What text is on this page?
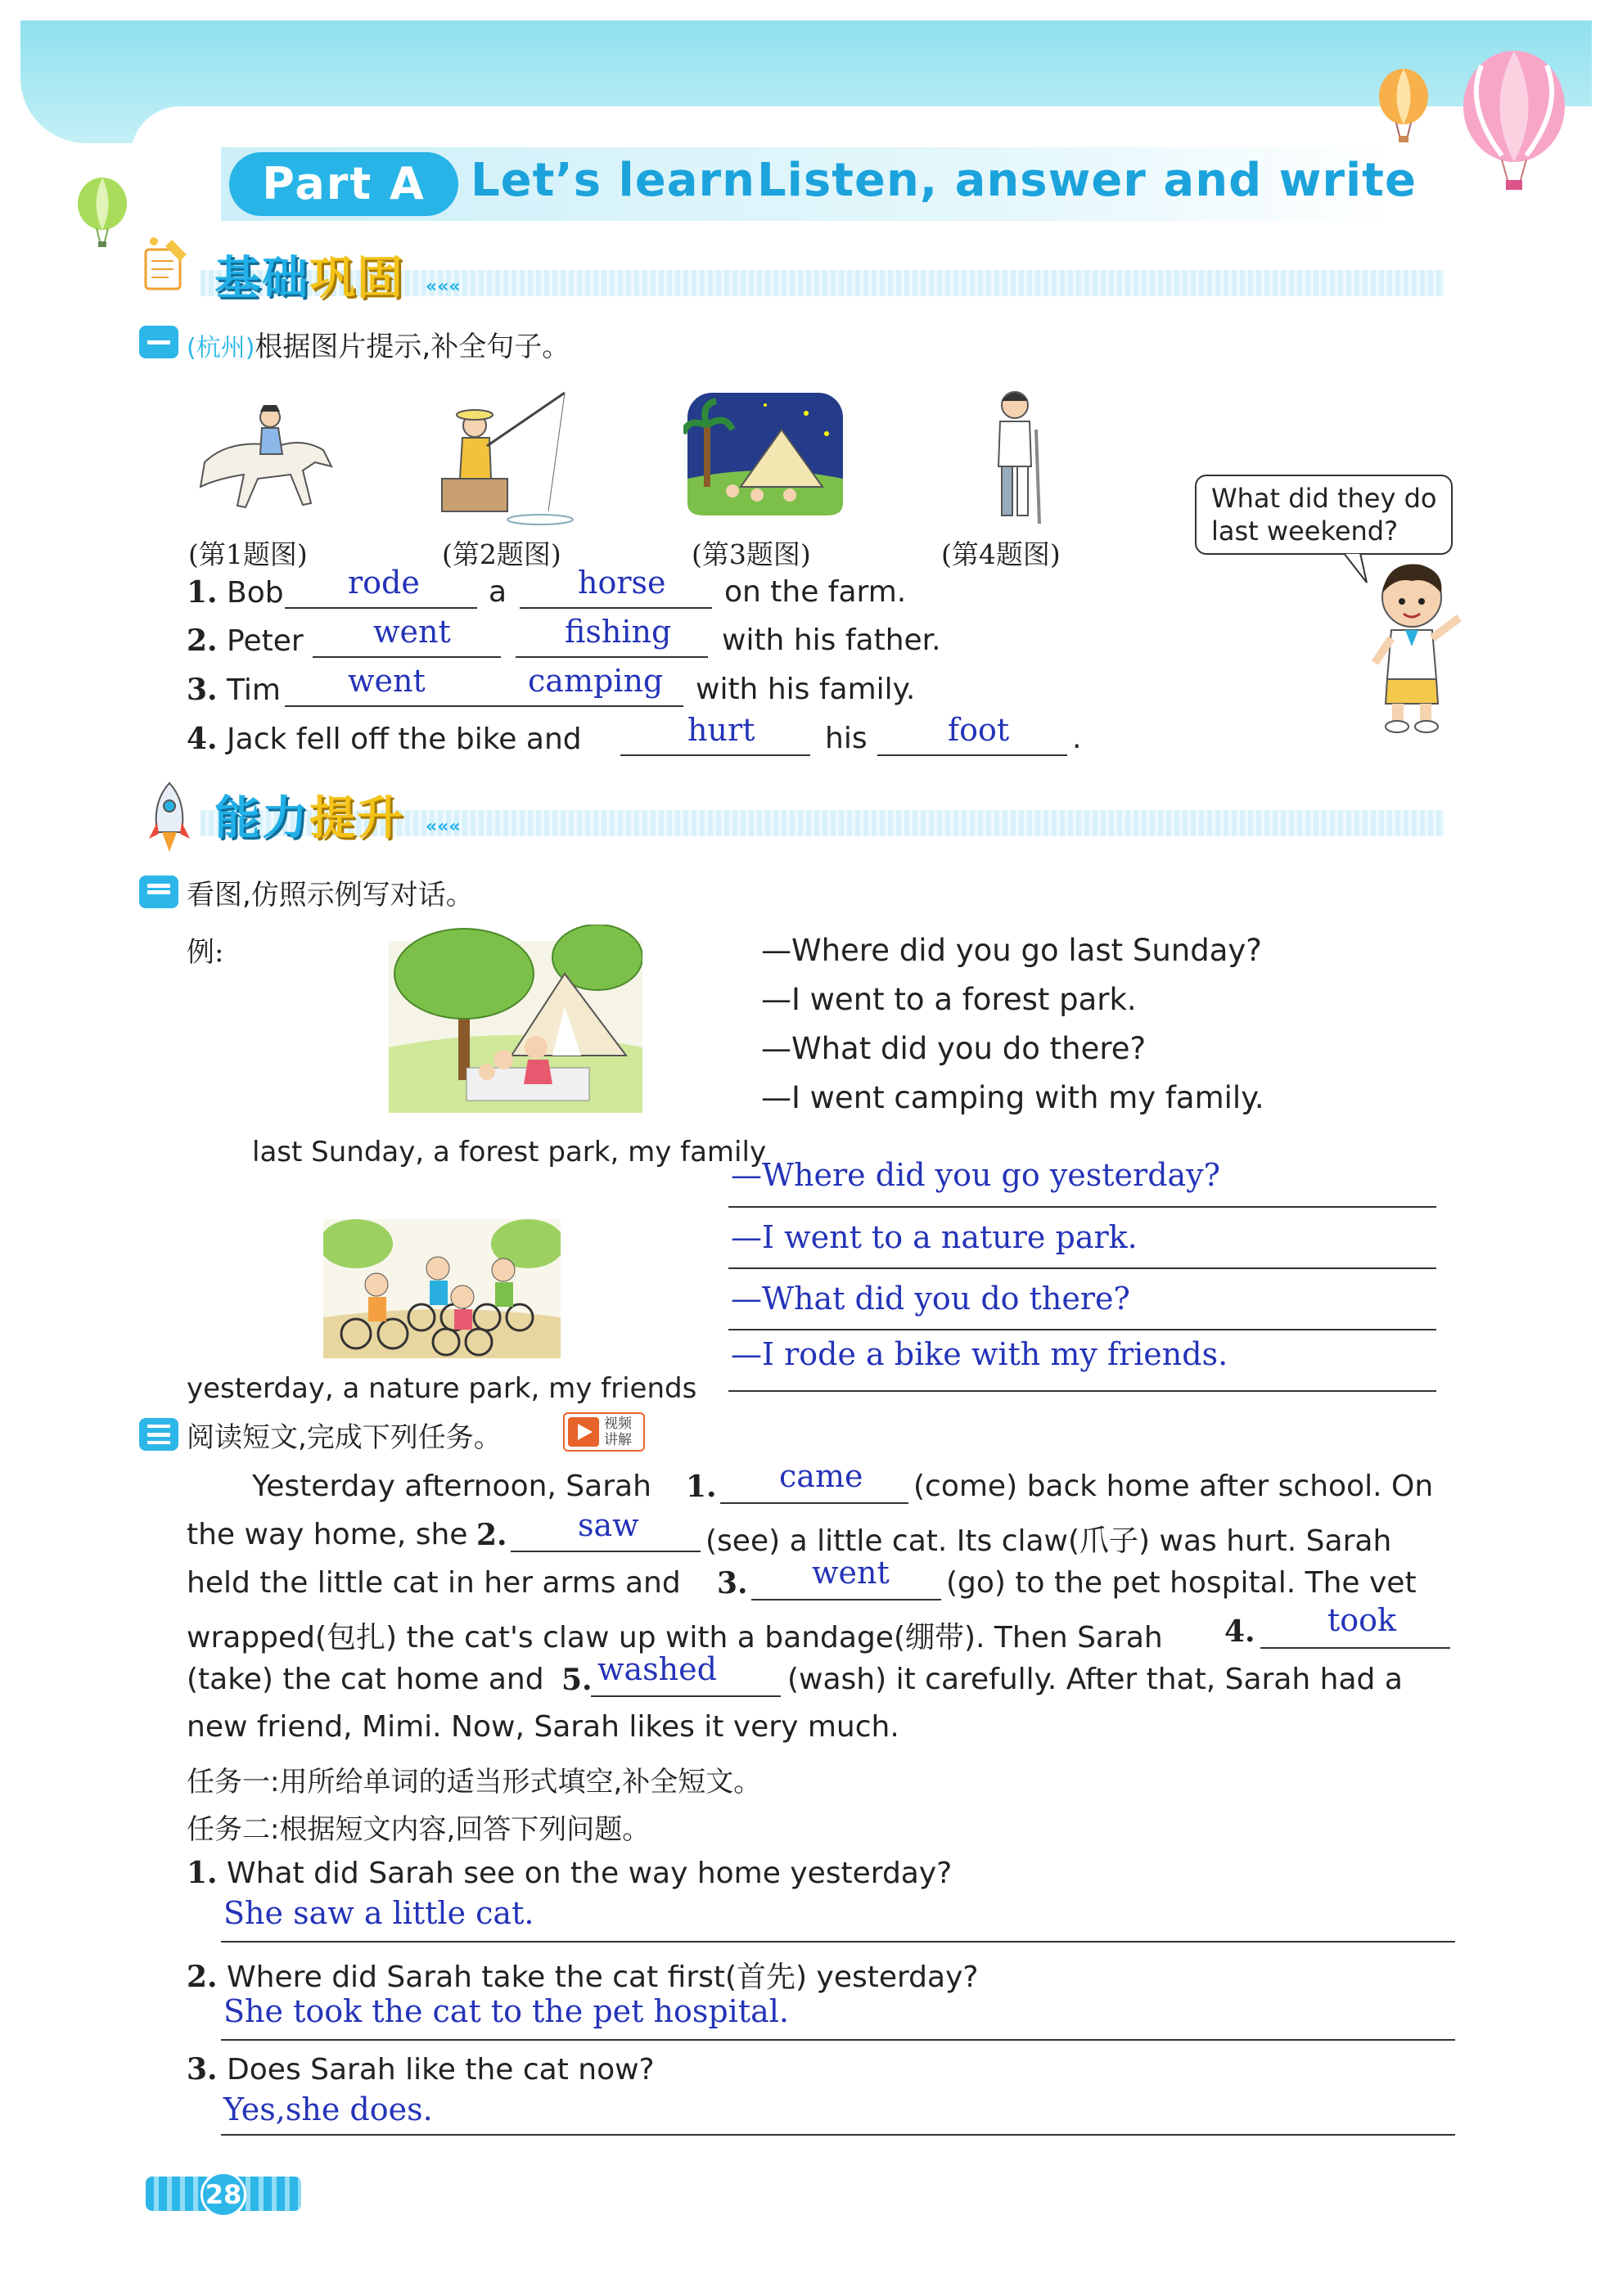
Part A Let’s learn Listen, answer and write
基础巩固 «««
(杭州)根据图片提示,补全句子。
(第1题图)	(第2题图)	(第3题图)	(第4题图)
What did they do
last weekend?
1. Bob rode a horse on the farm.
2. Peter went	fishing with his father.
3. Tim went	camping with his family.
4. Jack fell off the bike and	hurt his	foot .
能力提升 «««
看图,仿照示例写对话。
例:	—Where did you go last Sunday?
—I went to a forest park.
—What did you do there?
—I went camping with my family.
last Sunday, a forest park, my family
—Where did you go yesterday?
—I went to a nature park.
—What did you do there?
—I rode a bike with my friends.
yesterday, a nature park, my friends
阅读短文,完成下列任务。	视频
讲解
Yesterday afternoon, Sarah 1. came (come) back home after school. On
the way home, she 2. saw (see) a little cat. Its claw(爪子) was hurt. Sarah
held the little cat in her arms and 3. went (go) to the pet hospital. The vet
wrapped(包扎) the cat's claw up with a bandage(绷带). Then Sarah 4. took
(take) the cat home and 5. washed (wash) it carefully. After that, Sarah had a
new friend, Mimi. Now, Sarah likes it very much.
任务一:用所给单词的适当形式填空,补全短文。
任务二:根据短文内容,回答下列问题。
1. What did Sarah see on the way home yesterday?
She saw a little cat.
2. Where did Sarah take the cat first(首先) yesterday?
She took the cat to the pet hospital.
3. Does Sarah like the cat now?
Yes,she does.
28
